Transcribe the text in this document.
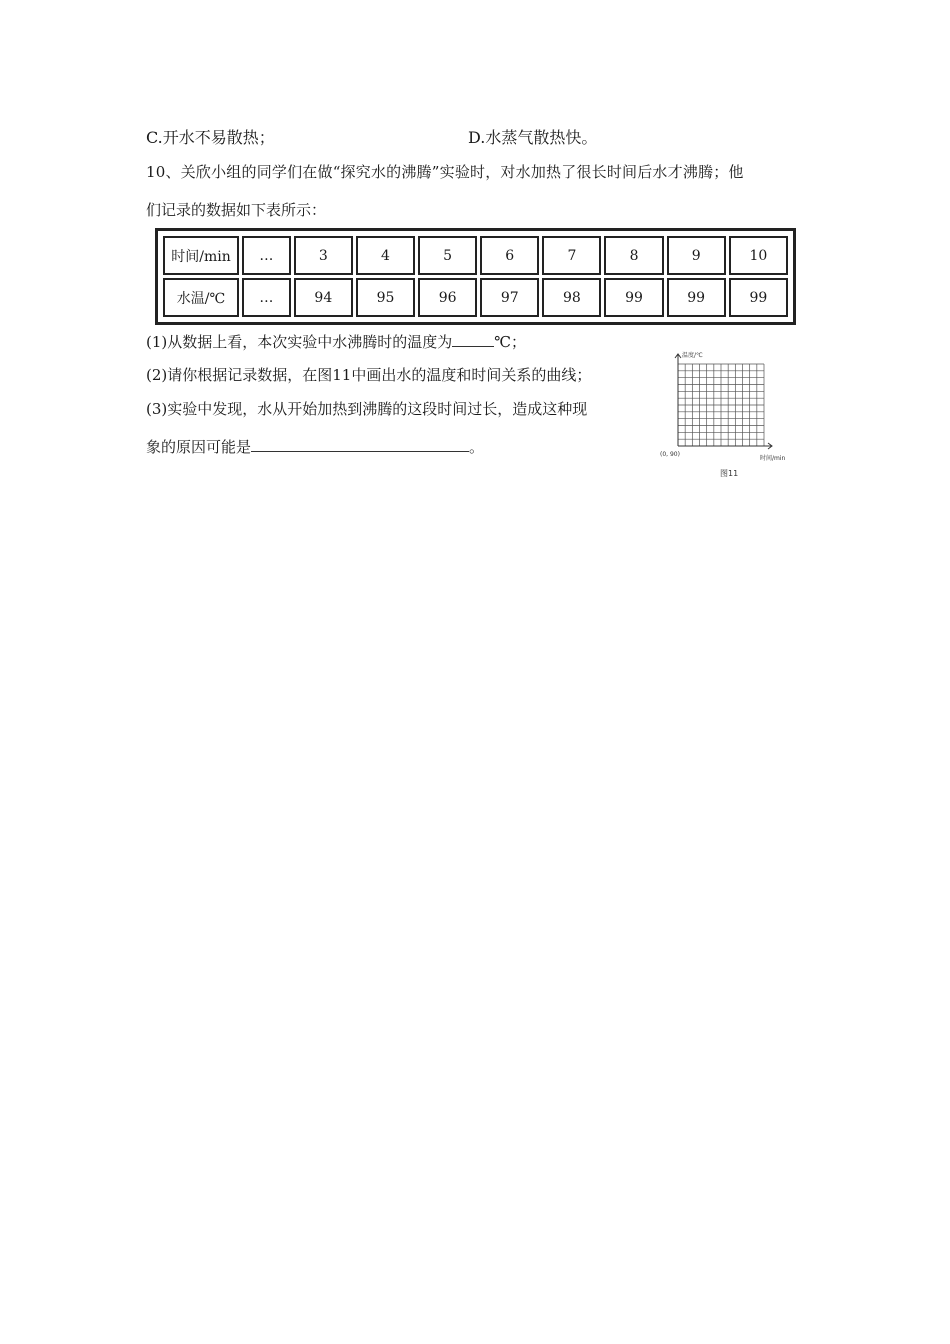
C.开水不易散热；	D.水蒸气散热快。
10、关欣小组的同学们在做“探究水的沸腾”实验时，对水加热了很长时间后水才沸腾；他
们记录的数据如下表所示：
时间/min	…	3	4	5	6	7	8	9	10
水温/℃	…	94	95	96	97	98	99	99	99
(1)从数据上看，本次实验中水沸腾时的温度为	℃；
(2)请你根据记录数据，在图11中画出水的温度和时间关系的曲线；
(3)实验中发现，水从开始加热到沸腾的这段时间过长，造成这种现
象的原因可能是	。
温度/℃
时间/min
(0, 90)
图11
